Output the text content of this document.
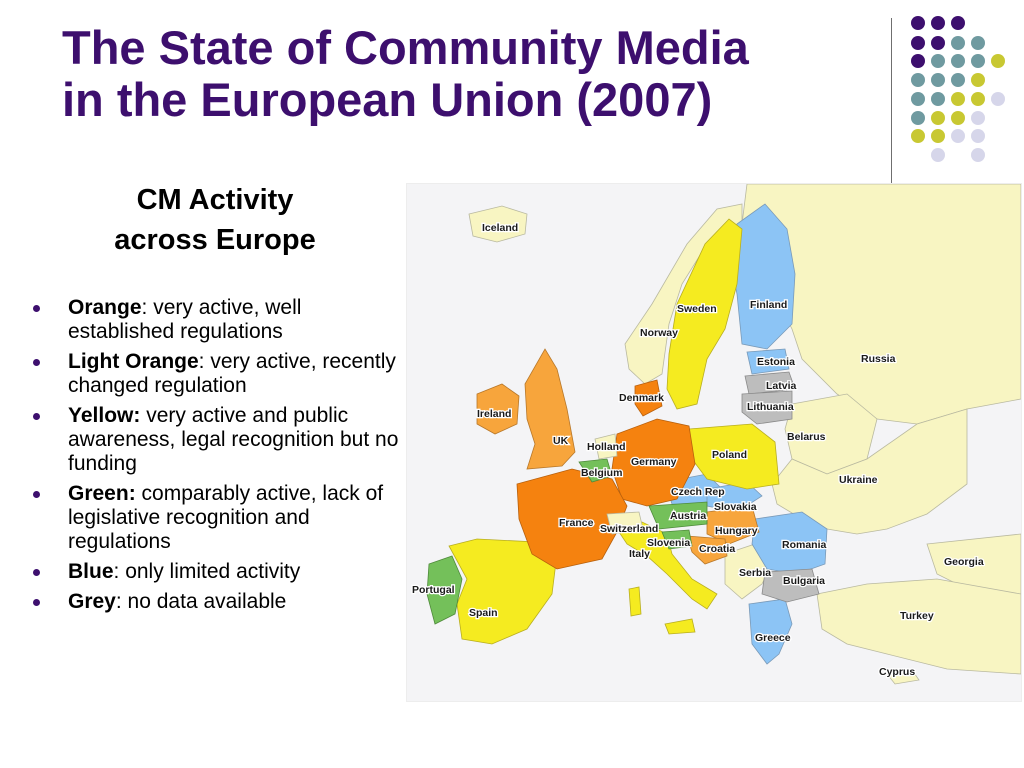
The State of Community Media
in the European Union (2007)
CM Activity
across Europe
Orange: very active, well established regulations
Light Orange: very active, recently changed regulation
Yellow: very active and public awareness, legal recognition but no funding
Green: comparably active, lack of legislative recognition and regulations
Blue: only limited activity
Grey: no data available
Iceland
Norway
Sweden	Finland
Russia
Estonia
Latvia
Lithuania
Denmark
Ireland
UK Holland
Belgium
Germany
Poland
Belarus
Ukraine
Czech Rep
Slovakia
Austria
France Switzerland	Hungary
Slovenia
Italy	Croatia	Romania
Georgia
Portugal
Spain
Serbia
Bulgaria
Turkey
Greece
Cyprus
